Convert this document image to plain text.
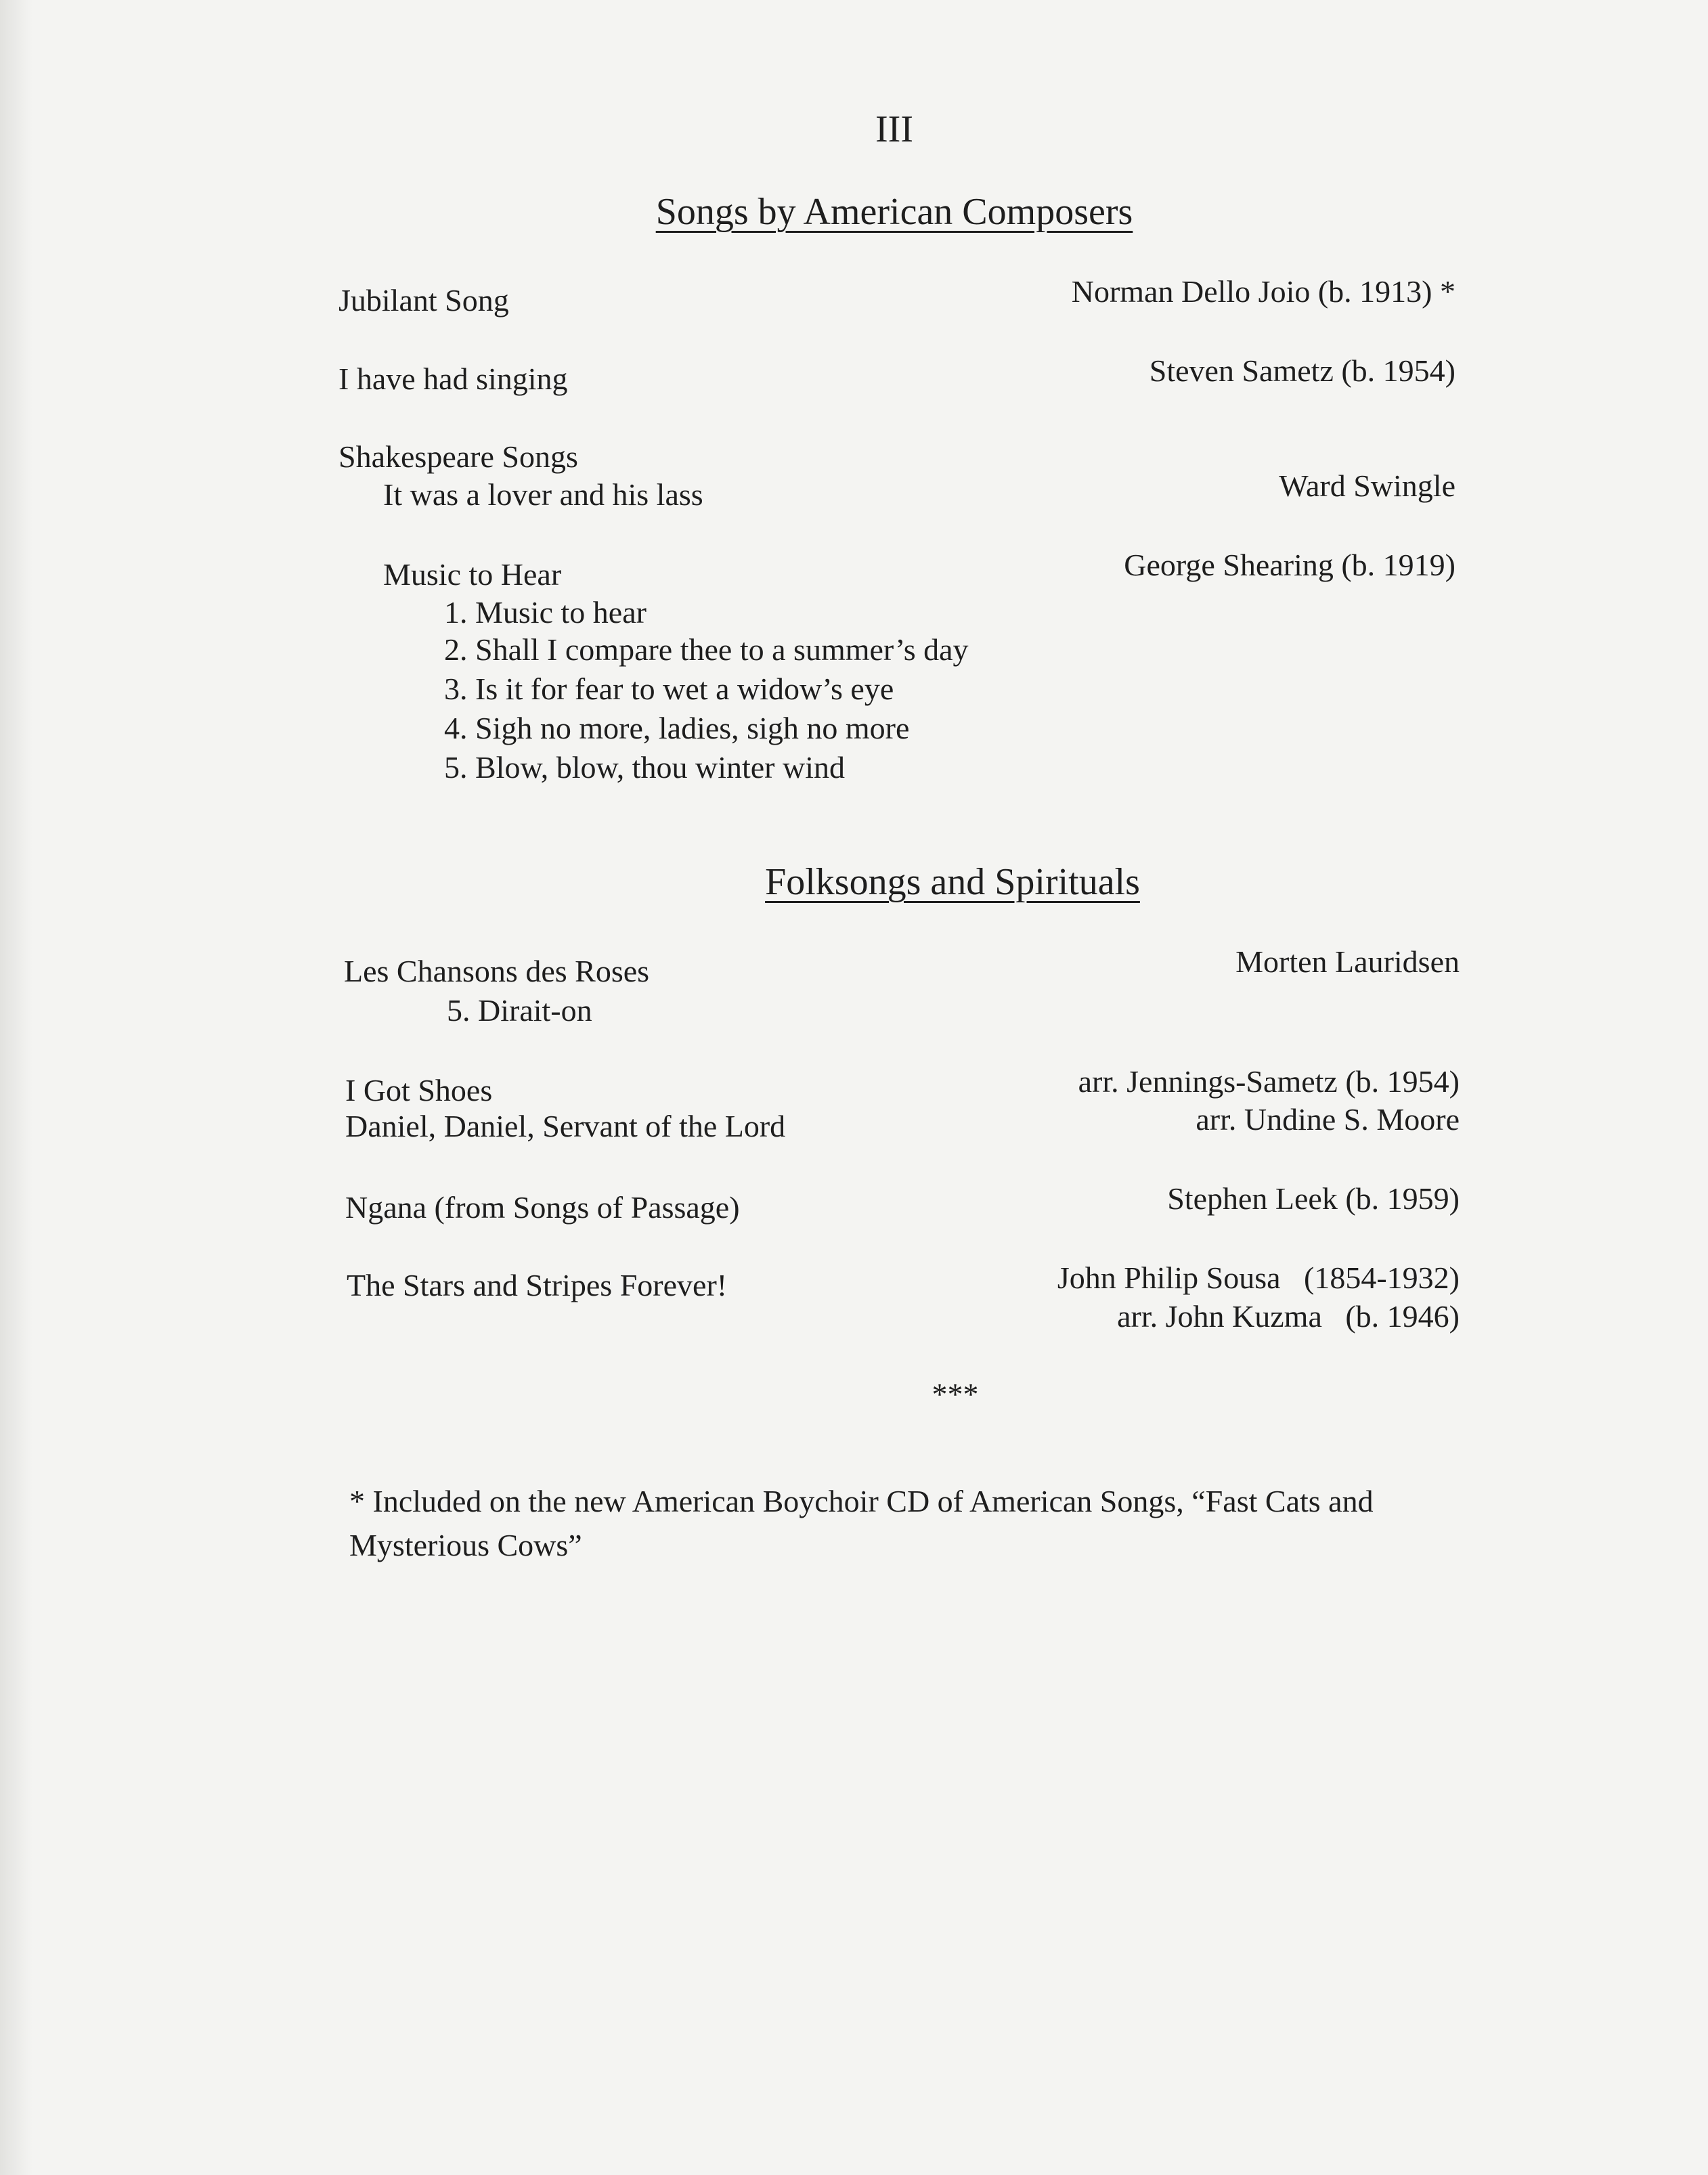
III
Songs by American Composers
Jubilant Song	Norman Dello Joio (b. 1913) *
I have had singing	Steven Sametz (b. 1954)
Shakespeare Songs
It was a lover and his lass	Ward Swingle
Music to Hear	George Shearing (b. 1919)
1. Music to hear
2. Shall I compare thee to a summer’s day
3. Is it for fear to wet a widow’s eye
4. Sigh no more, ladies, sigh no more
5. Blow, blow, thou winter wind
Folksongs and Spirituals
Les Chansons des Roses	Morten Lauridsen
5. Dirait-on
I Got Shoes	arr. Jennings-Sametz (b. 1954)
Daniel, Daniel, Servant of the Lord	arr. Undine S. Moore
Ngana (from Songs of Passage)	Stephen Leek (b. 1959)
The Stars and Stripes Forever!	John Philip Sousa   (1854-1932)
arr. John Kuzma   (b. 1946)
***
* Included on the new American Boychoir CD of American Songs, “Fast Cats and
Mysterious Cows”
